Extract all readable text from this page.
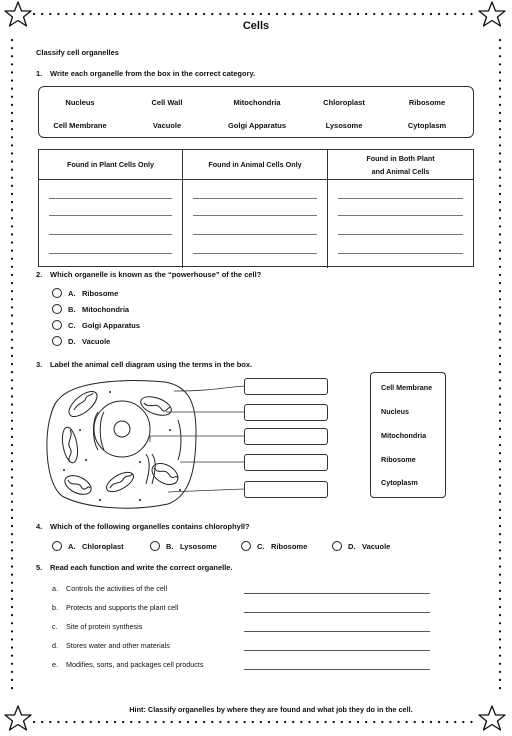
Cells
Classify cell organelles
1. Write each organelle from the box in the correct category.
Nucleus	Cell Wall	Mitochondria	Chloroplast	Ribosome
Cell Membrane	Vacuole	Golgi Apparatus	Lysosome	Cytoplasm
Found in Plant Cells Only	Found in Animal Cells Only
Found in Both Plant
and Animal Cells
2. Which organelle is known as the “powerhouse” of the cell?
A. Ribosome
B. Mitochondria
C. Golgi Apparatus
D. Vacuole
3. Label the animal cell diagram using the terms in the box.
Cell Membrane
Nucleus
Mitochondria
Ribosome
Cytoplasm
4. Which of the following organelles contains chlorophyll?
A. Chloroplast	B. Lysosome	C. Ribosome	D. Vacuole
5. Read each function and write the correct organelle.
a. Controls the activities of the cell
b. Protects and supports the plant cell
c. Site of protein synthesis
d. Stores water and other materials
e. Modifies, sorts, and packages cell products
Hint: Classify organelles by where they are found and what job they do in the cell.
